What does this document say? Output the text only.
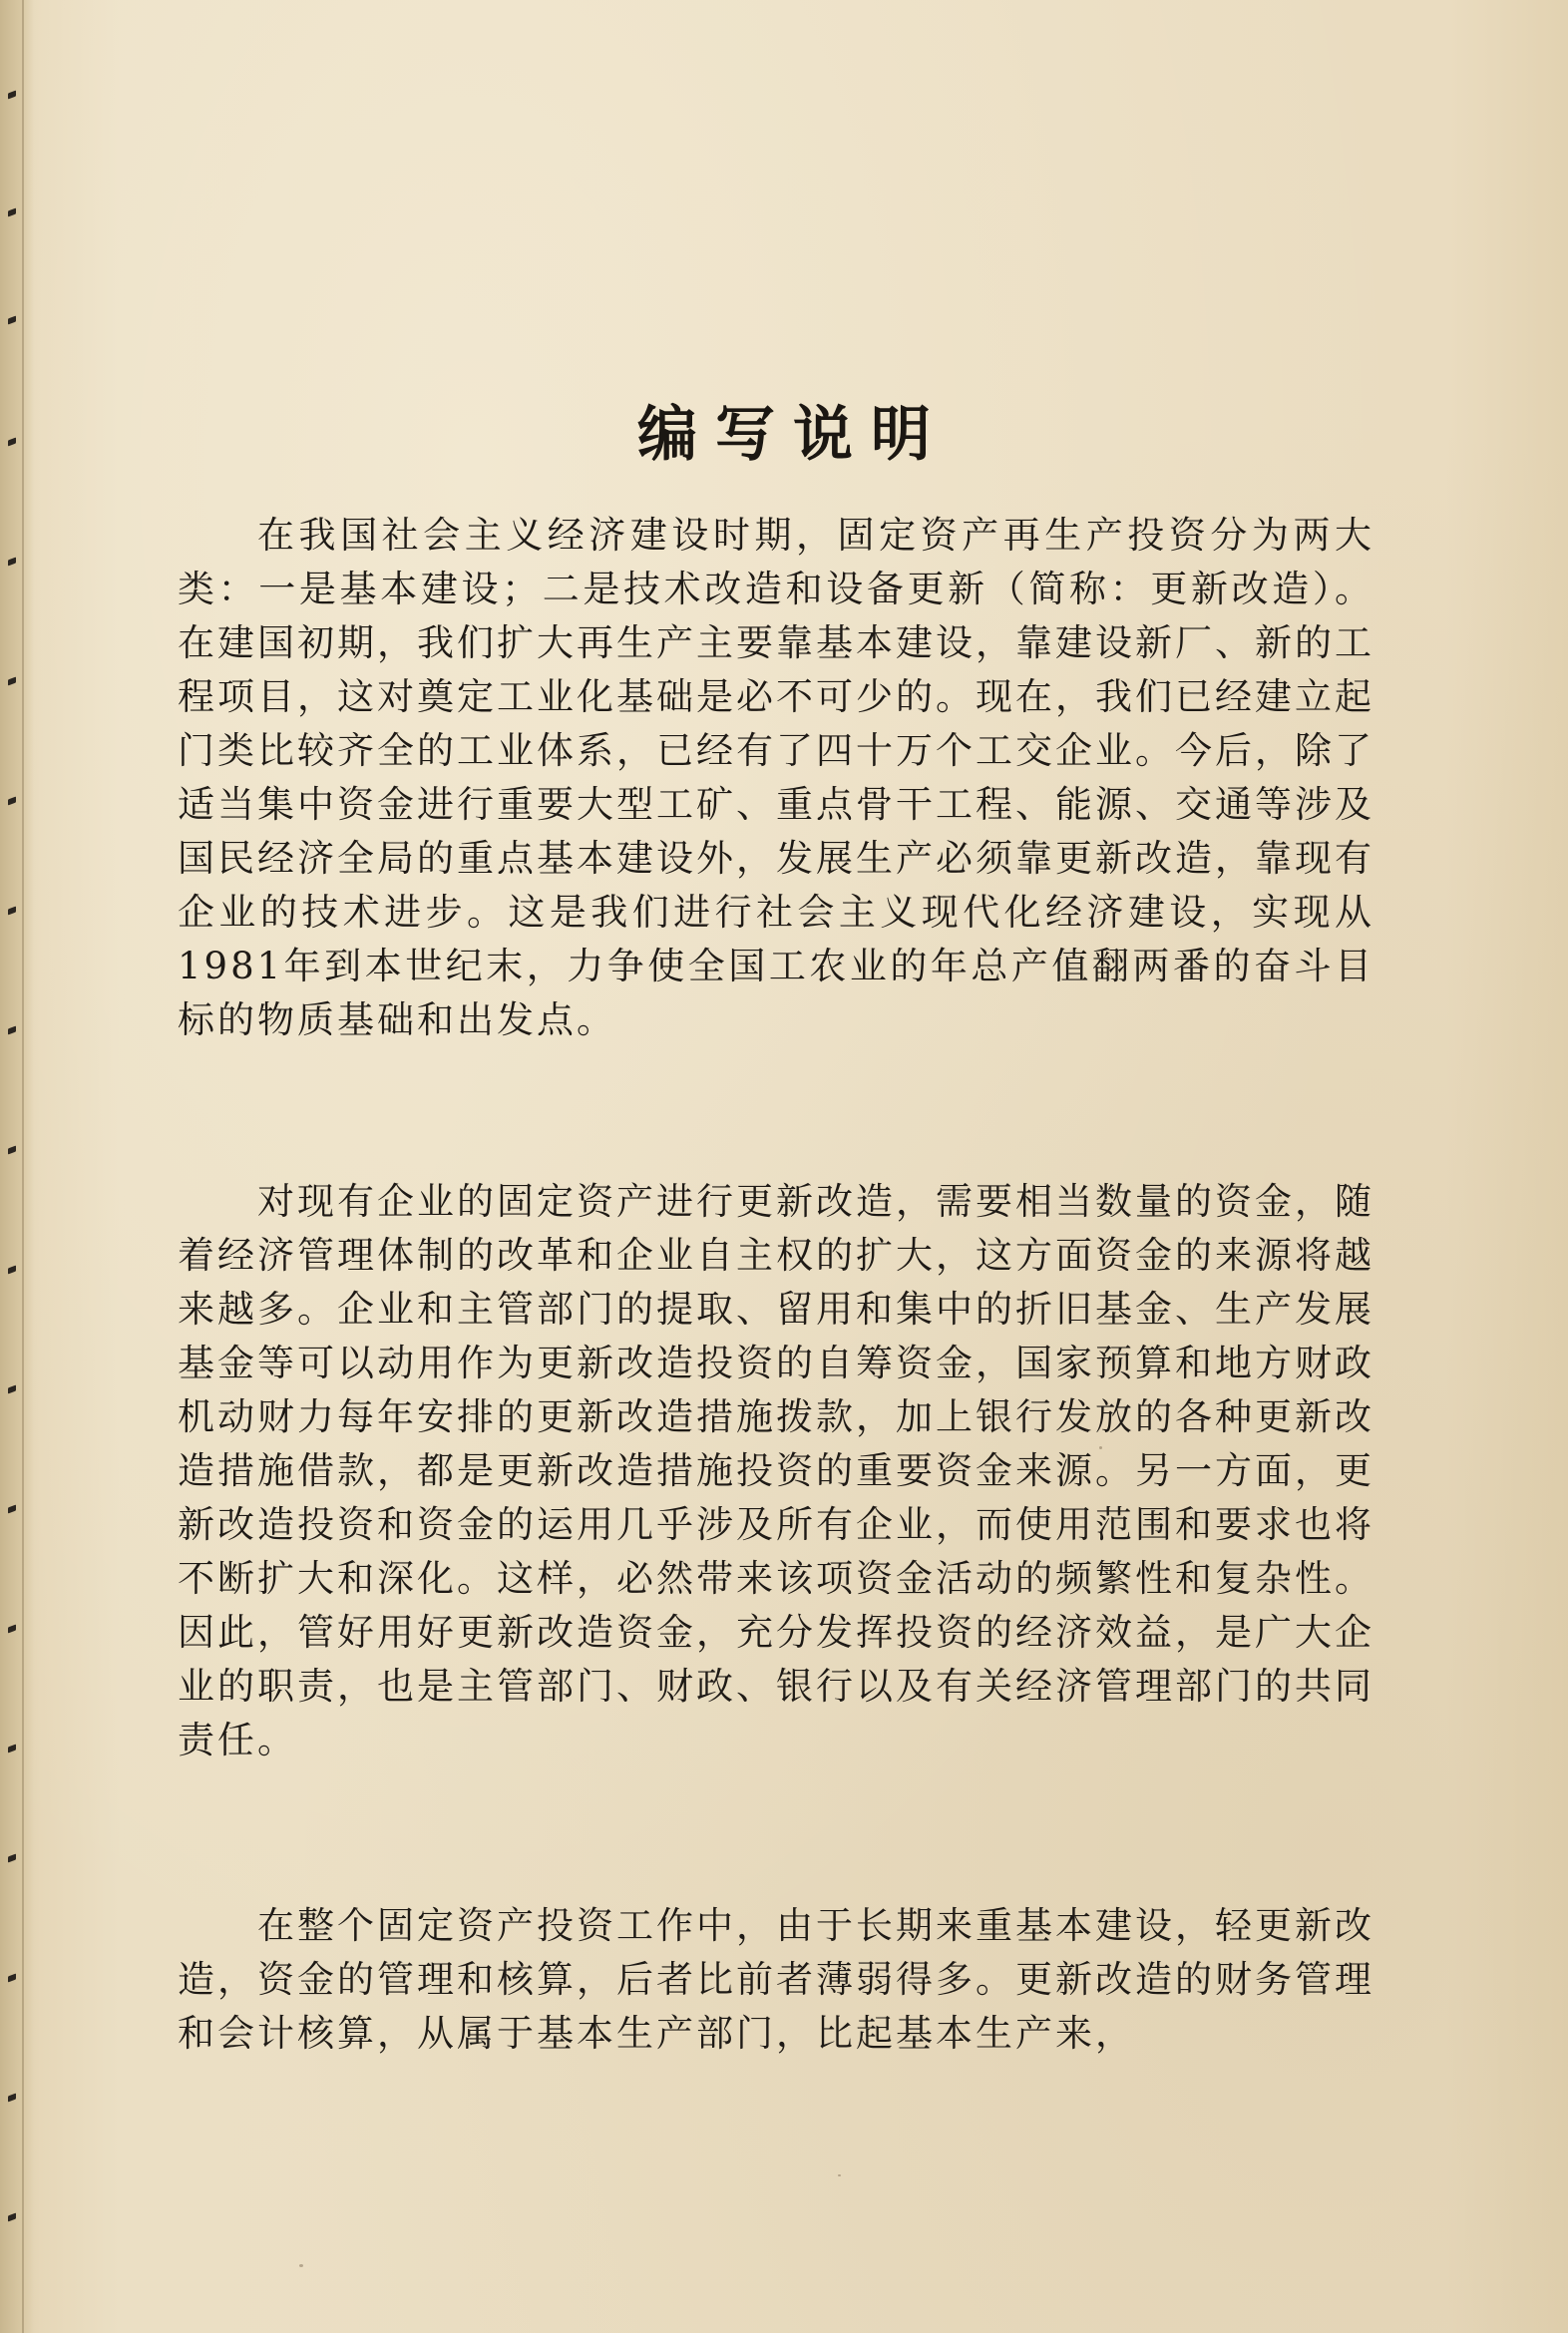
编写说明

在我国社会主义经济建设时期，固定资产再生产投资分为两大类：一是基本建设；二是技术改造和设备更新（简称：更新改造）。在建国初期，我们扩大再生产主要靠基本建设，靠建设新厂、新的工程项目，这对奠定工业化基础是必不可少的。现在，我们已经建立起门类比较齐全的工业体系，已经有了四十万个工交企业。今后，除了适当集中资金进行重要大型工矿、重点骨干工程、能源、交通等涉及国民经济全局的重点基本建设外，发展生产必须靠更新改造，靠现有企业的技术进步。这是我们进行社会主义现代化经济建设，实现从1981年到本世纪末，力争使全国工农业的年总产值翻两番的奋斗目标的物质基础和出发点。

对现有企业的固定资产进行更新改造，需要相当数量的资金，随着经济管理体制的改革和企业自主权的扩大，这方面资金的来源将越来越多。企业和主管部门的提取、留用和集中的折旧基金、生产发展基金等可以动用作为更新改造投资的自筹资金，国家预算和地方财政机动财力每年安排的更新改造措施拨款，加上银行发放的各种更新改造措施借款，都是更新改造措施投资的重要资金来源。另一方面，更新改造投资和资金的运用几乎涉及所有企业，而使用范围和要求也将不断扩大和深化。这样，必然带来该项资金活动的频繁性和复杂性。因此，管好用好更新改造资金，充分发挥投资的经济效益，是广大企业的职责，也是主管部门、财政、银行以及有关经济管理部门的共同责任。

在整个固定资产投资工作中，由于长期来重基本建设，轻更新改造，资金的管理和核算，后者比前者薄弱得多。更新改造的财务管理和会计核算，从属于基本生产部门，比起基本生产来，
